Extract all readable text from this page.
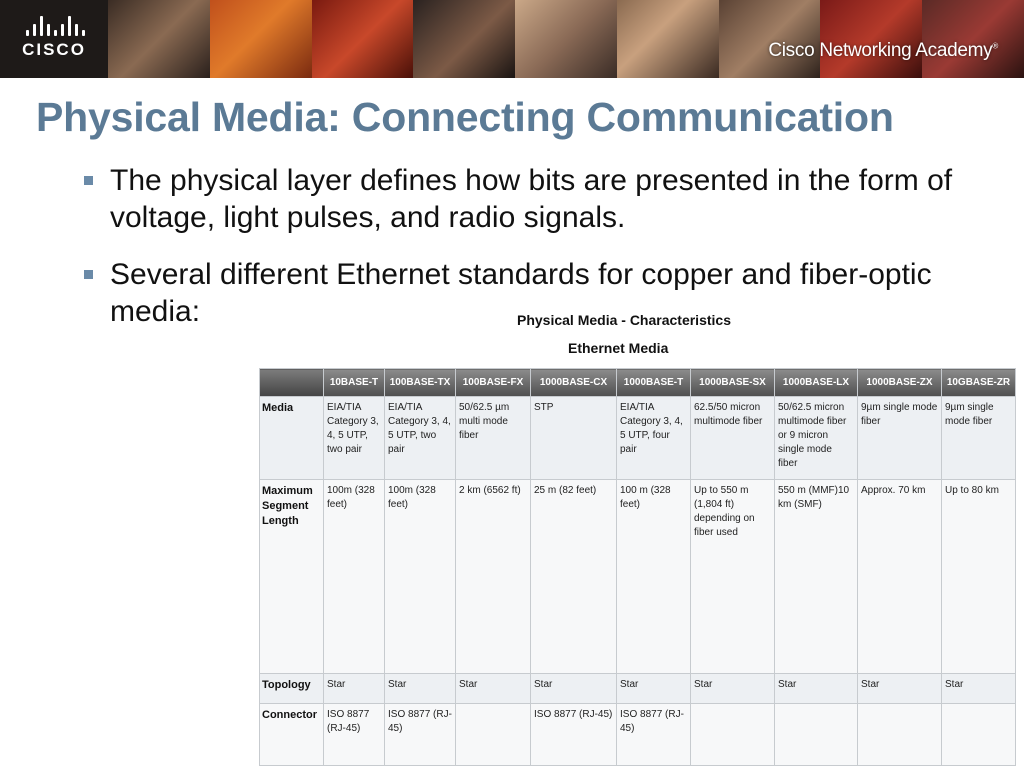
CISCO	Cisco Networking Academy®
Physical Media: Connecting Communication
The physical layer defines how bits are presented in the form of voltage, light pulses, and radio signals.
Several different Ethernet standards for copper and fiber-optic media:	Physical Media - Characteristics
Ethernet Media
	10BASE-T	100BASE-TX	100BASE-FX	1000BASE-CX	1000BASE-T	1000BASE-SX	1000BASE-LX	1000BASE-ZX	10GBASE-ZR
Media	EIA/TIA Category 3, 4, 5 UTP, two pair	EIA/TIA Category 3, 4, 5 UTP, two pair	50/62.5 µm multi mode fiber	STP	EIA/TIA Category 3, 4, 5 UTP, four pair	62.5/50 micron multimode fiber	50/62.5 micron multimode fiber or 9 micron single mode fiber	9µm single mode fiber	9µm single mode fiber
Maximum Segment Length	100m (328 feet)	100m (328 feet)	2 km (6562 ft)	25 m (82 feet)	100 m (328 feet)	Up to 550 m (1,804 ft) depending on fiber used	550 m (MMF)10 km (SMF)	Approx. 70 km	Up to 80 km
Topology	Star	Star	Star	Star	Star	Star	Star	Star	Star
Connector	ISO 8877 (RJ-45)	ISO 8877 (RJ-45)		ISO 8877 (RJ-45)	ISO 8877 (RJ-45)				
